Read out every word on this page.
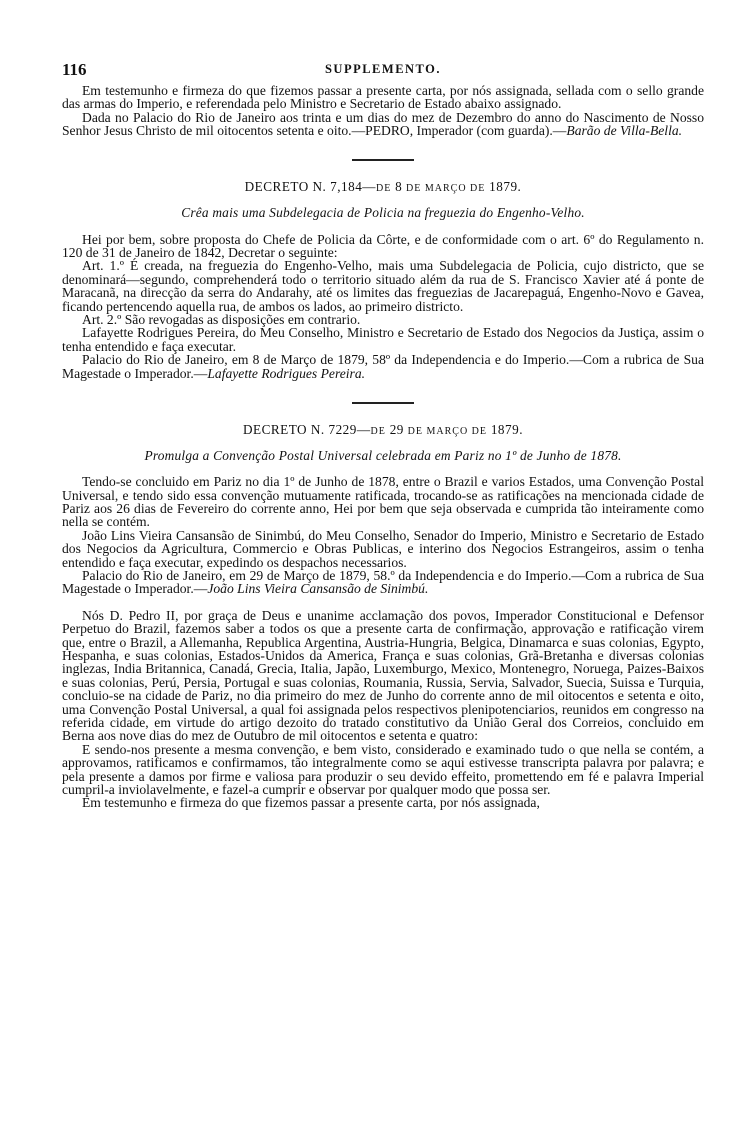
116	SUPPLEMENTO.

Em testemunho e firmeza do que fizemos passar a presente carta, por nós assignada, sellada com o sello grande das armas do Imperio, e referendada pelo Ministro e Secretario de Estado abaixo assignado.

Dada no Palacio do Rio de Janeiro aos trinta e um dias do mez de Dezembro do anno do Nascimento de Nosso Senhor Jesus Christo de mil oitocentos setenta e oito.—PEDRO, Imperador (com guarda).—Barão de Villa-Bella.

DECRETO N. 7,184—DE 8 DE MARÇO DE 1879.
Crêa mais uma Subdelegacia de Policia na freguezia do Engenho-Velho.

Hei por bem, sobre proposta do Chefe de Policia da Côrte, e de conformidade com o art. 6º do Regulamento n. 120 de 31 de Janeiro de 1842, Decretar o seguinte:

Art. 1.º É creada, na freguezia do Engenho-Velho, mais uma Subdelegacia de Policia, cujo districto, que se denominará—segundo, comprehenderá todo o territorio situado além da rua de S. Francisco Xavier até á ponte de Maracanã, na direcção da serra do Andarahy, até os limites das freguezias de Jacarepaguá, Engenho-Novo e Gavea, ficando pertencendo aquella rua, de ambos os lados, ao primeiro districto.

Art. 2.º São revogadas as disposições em contrario.

Lafayette Rodrigues Pereira, do Meu Conselho, Ministro e Secretario de Estado dos Negocios da Justiça, assim o tenha entendido e faça executar.

Palacio do Rio de Janeiro, em 8 de Março de 1879, 58º da Independencia e do Imperio.—Com a rubrica de Sua Magestade o Imperador.—Lafayette Rodrigues Pereira.

DECRETO N. 7229—DE 29 DE MARÇO DE 1879.
Promulga a Convenção Postal Universal celebrada em Pariz no 1º de Junho de 1878.

Tendo-se concluido em Pariz no dia 1º de Junho de 1878, entre o Brazil e varios Estados, uma Convenção Postal Universal, e tendo sido essa convenção mutuamente ratificada, trocando-se as ratificações na mencionada cidade de Pariz aos 26 dias de Fevereiro do corrente anno, Hei por bem que seja observada e cumprida tão inteiramente como nella se contém.

João Lins Vieira Cansansão de Sinimbú, do Meu Conselho, Senador do Imperio, Ministro e Secretario de Estado dos Negocios da Agricultura, Commercio e Obras Publicas, e interino dos Negocios Estrangeiros, assim o tenha entendido e faça executar, expedindo os despachos necessarios.

Palacio do Rio de Janeiro, em 29 de Março de 1879, 58.º da Independencia e do Imperio.—Com a rubrica de Sua Magestade o Imperador.—João Lins Vieira Cansansão de Sinimbú.

Nós D. Pedro II, por graça de Deus e unanime acclamação dos povos, Imperador Constitucional e Defensor Perpetuo do Brazil, fazemos saber a todos os que a presente carta de confirmação, approvação e ratificação virem que, entre o Brazil, a Allemanha, Republica Argentina, Austria-Hungria, Belgica, Dinamarca e suas colonias, Egypto, Hespanha, e suas colonias, Estados-Unidos da America, França e suas colonias, Grã-Bretanha e diversas colonias inglezas, India Britannica, Canadá, Grecia, Italia, Japão, Luxemburgo, Mexico, Montenegro, Noruega, Paizes-Baixos e suas colonias, Perú, Persia, Portugal e suas colonias, Roumania, Russia, Servia, Salvador, Suecia, Suissa e Turquia, concluio-se na cidade de Pariz, no dia primeiro do mez de Junho do corrente anno de mil oitocentos e setenta e oito, uma Convenção Postal Universal, a qual foi assignada pelos respectivos plenipotenciarios, reunidos em congresso na referida cidade, em virtude do artigo dezoito do tratado constitutivo da União Geral dos Correios, concluido em Berna aos nove dias do mez de Outubro de mil oitocentos e setenta e quatro:

E sendo-nos presente a mesma convenção, e bem visto, considerado e examinado tudo o que nella se contém, a approvamos, ratificamos e confirmamos, tão integralmente como se aqui estivesse transcripta palavra por palavra; e pela presente a damos por firme e valiosa para produzir o seu devido effeito, promettendo em fé e palavra Imperial cumpril-a inviolavelmente, e fazel-a cumprir e observar por qualquer modo que possa ser.

Em testemunho e firmeza do que fizemos passar a presente carta, por nós assignada,
